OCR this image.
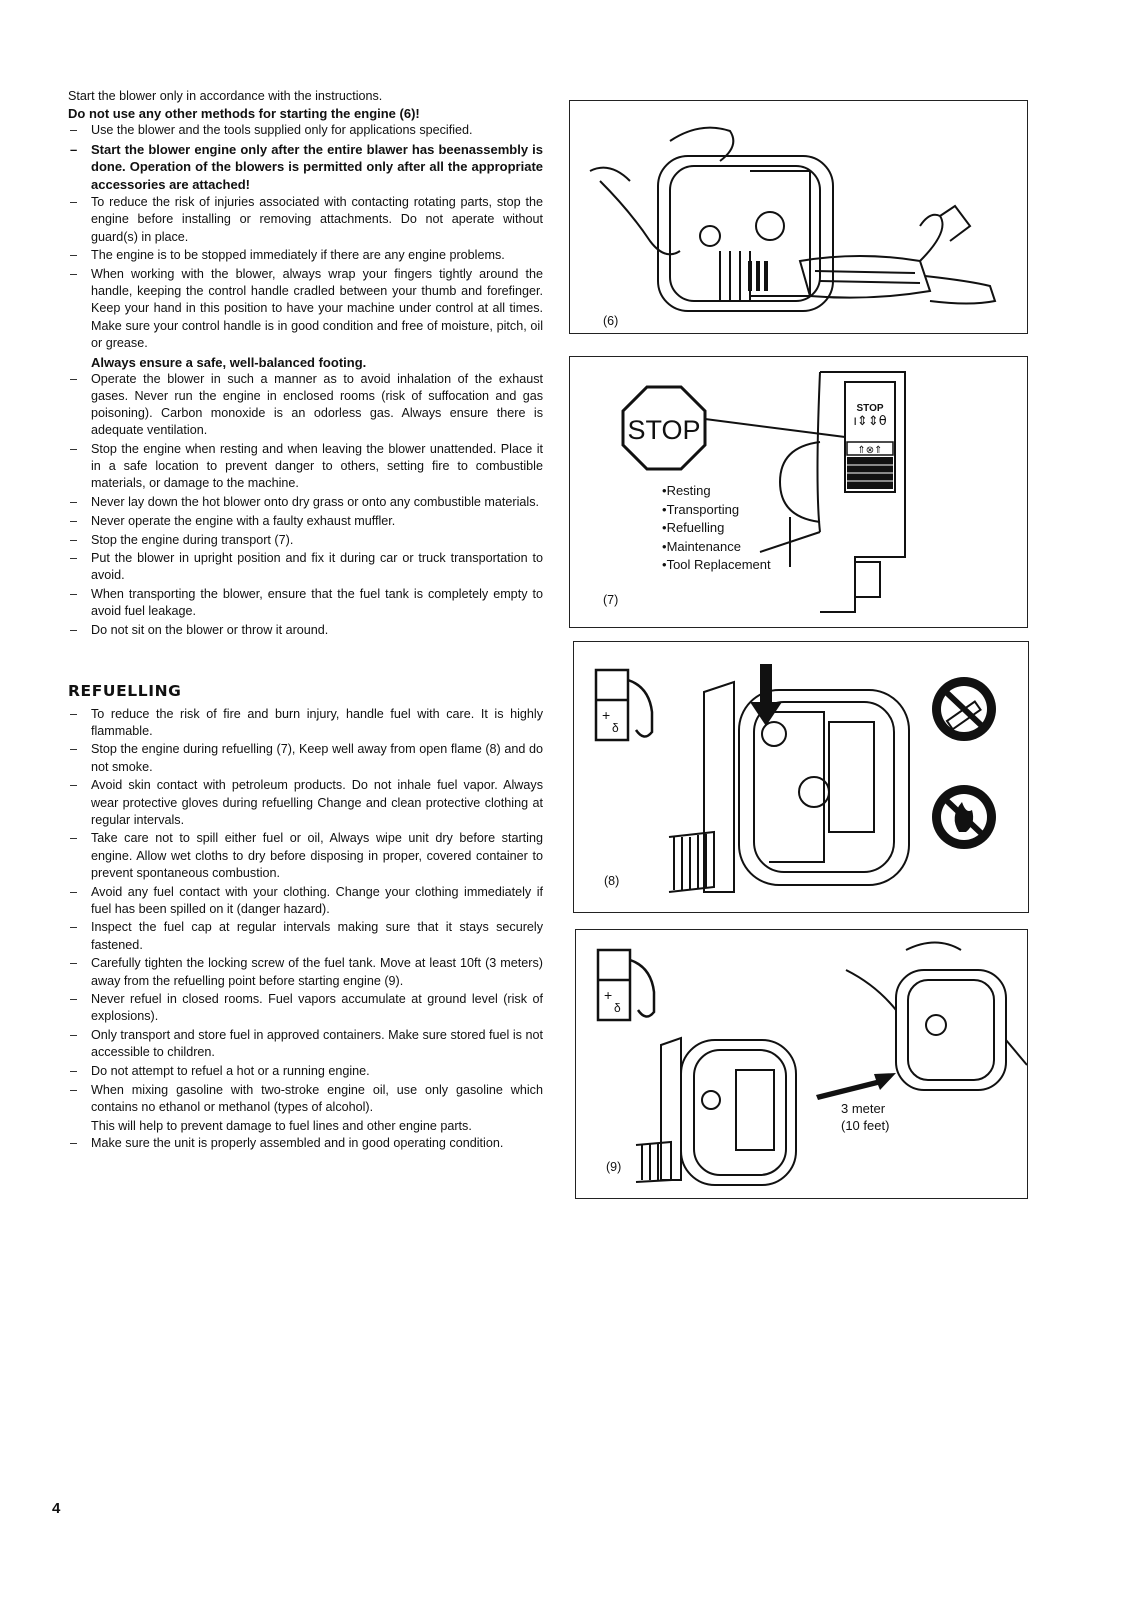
Start the blower only in accordance with the instructions.

Do not use any other methods for starting the engine (6)!

– Use the blower and the tools supplied only for applications specified.
– Start the blower engine only after the entire blawer has beenassembly is done. Operation of the blowers is permitted only after all the appropriate accessories are attached!
– To reduce the risk of injuries associated with contacting rotating parts, stop the engine before installing or removing attachments. Do not aperate without guard(s) in place.
– The engine is to be stopped immediately if there are any engine problems.
– When working with the blower, always wrap your fingers tightly around the handle, keeping the control handle cradled between your thumb and forefinger. Keep your hand in this position to have your machine under control at all times. Make sure your control handle is in good condition and free of moisture, pitch, oil or grease.
Always ensure a safe, well-balanced footing.
– Operate the blower in such a manner as to avoid inhalation of the exhaust gases. Never run the engine in enclosed rooms (risk of suffocation and gas poisoning). Carbon monoxide is an odorless gas. Always ensure there is adequate ventilation.
– Stop the engine when resting and when leaving the blower unattended. Place it in a safe location to prevent danger to others, setting fire to combustible materials, or damage to the machine.
– Never lay down the hot blower onto dry grass or onto any combustible materials.
– Never operate the engine with a faulty exhaust muffler.
– Stop the engine during transport (7).
– Put the blower in upright position and fix it during car or truck transportation to avoid.
– When transporting the blower, ensure that the fuel tank is completely empty to avoid fuel leakage.
– Do not sit on the blower or throw it around.
REFUELLING
– To reduce the risk of fire and burn injury, handle fuel with care. It is highly flammable.
– Stop the engine during refuelling (7), Keep well away from open flame (8) and do not smoke.
– Avoid skin contact with petroleum products. Do not inhale fuel vapor. Always wear protective gloves during refuelling Change and clean protective clothing at regular intervals.
– Take care not to spill either fuel or oil, Always wipe unit dry before starting engine. Allow wet cloths to dry before disposing in proper, covered container to prevent spontaneous combustion.
– Avoid any fuel contact with your clothing. Change your clothing immediately if fuel has been spilled on it (danger hazard).
– Inspect the fuel cap at regular intervals making sure that it stays securely fastened.
– Carefully tighten the locking screw of the fuel tank. Move at least 10ft (3 meters) away from the refuelling point before starting engine (9).
– Never refuel in closed rooms. Fuel vapors accumulate at ground level (risk of explosions).
– Only transport and store fuel in approved containers. Make sure stored fuel is not accessible to children.
– Do not attempt to refuel a hot or a running engine.
– When mixing gasoline with two-stroke engine oil, use only gasoline which contains no ethanol or methanol (types of alcohol).
This will help to prevent damage to fuel lines and other engine parts.
– Make sure the unit is properly assembled and in good operating condition.
(6)
STOP
STOP
ı⇕⇕θ
⇑⊗⇑
• Resting
• Transporting
• Refuelling
• Maintenance
• Tool Replacement
(7)
+
δ
(8)
+
δ
3 meter
(10 feet)
(9)
4
